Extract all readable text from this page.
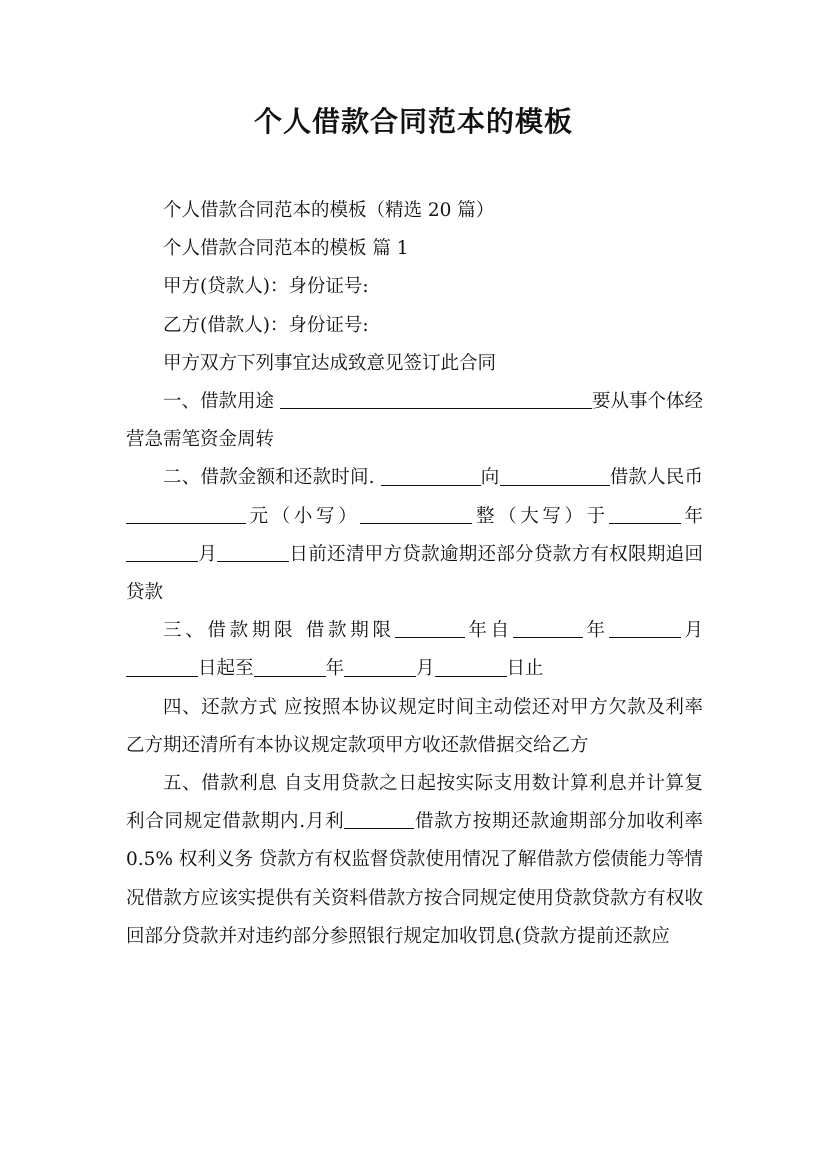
个人借款合同范本的模板

个人借款合同范本的模板（精选 20 篇）

个人借款合同范本的模板 篇 1

甲方(贷款人)：身份证号:

乙方(借款人)：身份证号:

甲方双方下列事宜达成致意见签订此合同

一、借款用途	要从事个体经营急需笔资金周转

二、借款金额和还款时间.	向	借款人民币元（小写）	整（大写）于	年月	日前还清甲方贷款逾期还部分贷款方有权限期追回贷款

三、借款期限 借款期限	年自	年	月日起至	年	月	日止

四、还款方式 应按照本协议规定时间主动偿还对甲方欠款及利率乙方期还清所有本协议规定款项甲方收还款借据交给乙方

五、借款利息 自支用贷款之日起按实际支用数计算利息并计算复利合同规定借款期内.月利	借款方按期还款逾期部分加收利率 0.5% 权利义务 贷款方有权监督贷款使用情况了解借款方偿债能力等情况借款方应该实提供有关资料借款方按合同规定使用贷款贷款方有权收回部分贷款并对违约部分参照银行规定加收罚息(贷款方提前还款应
